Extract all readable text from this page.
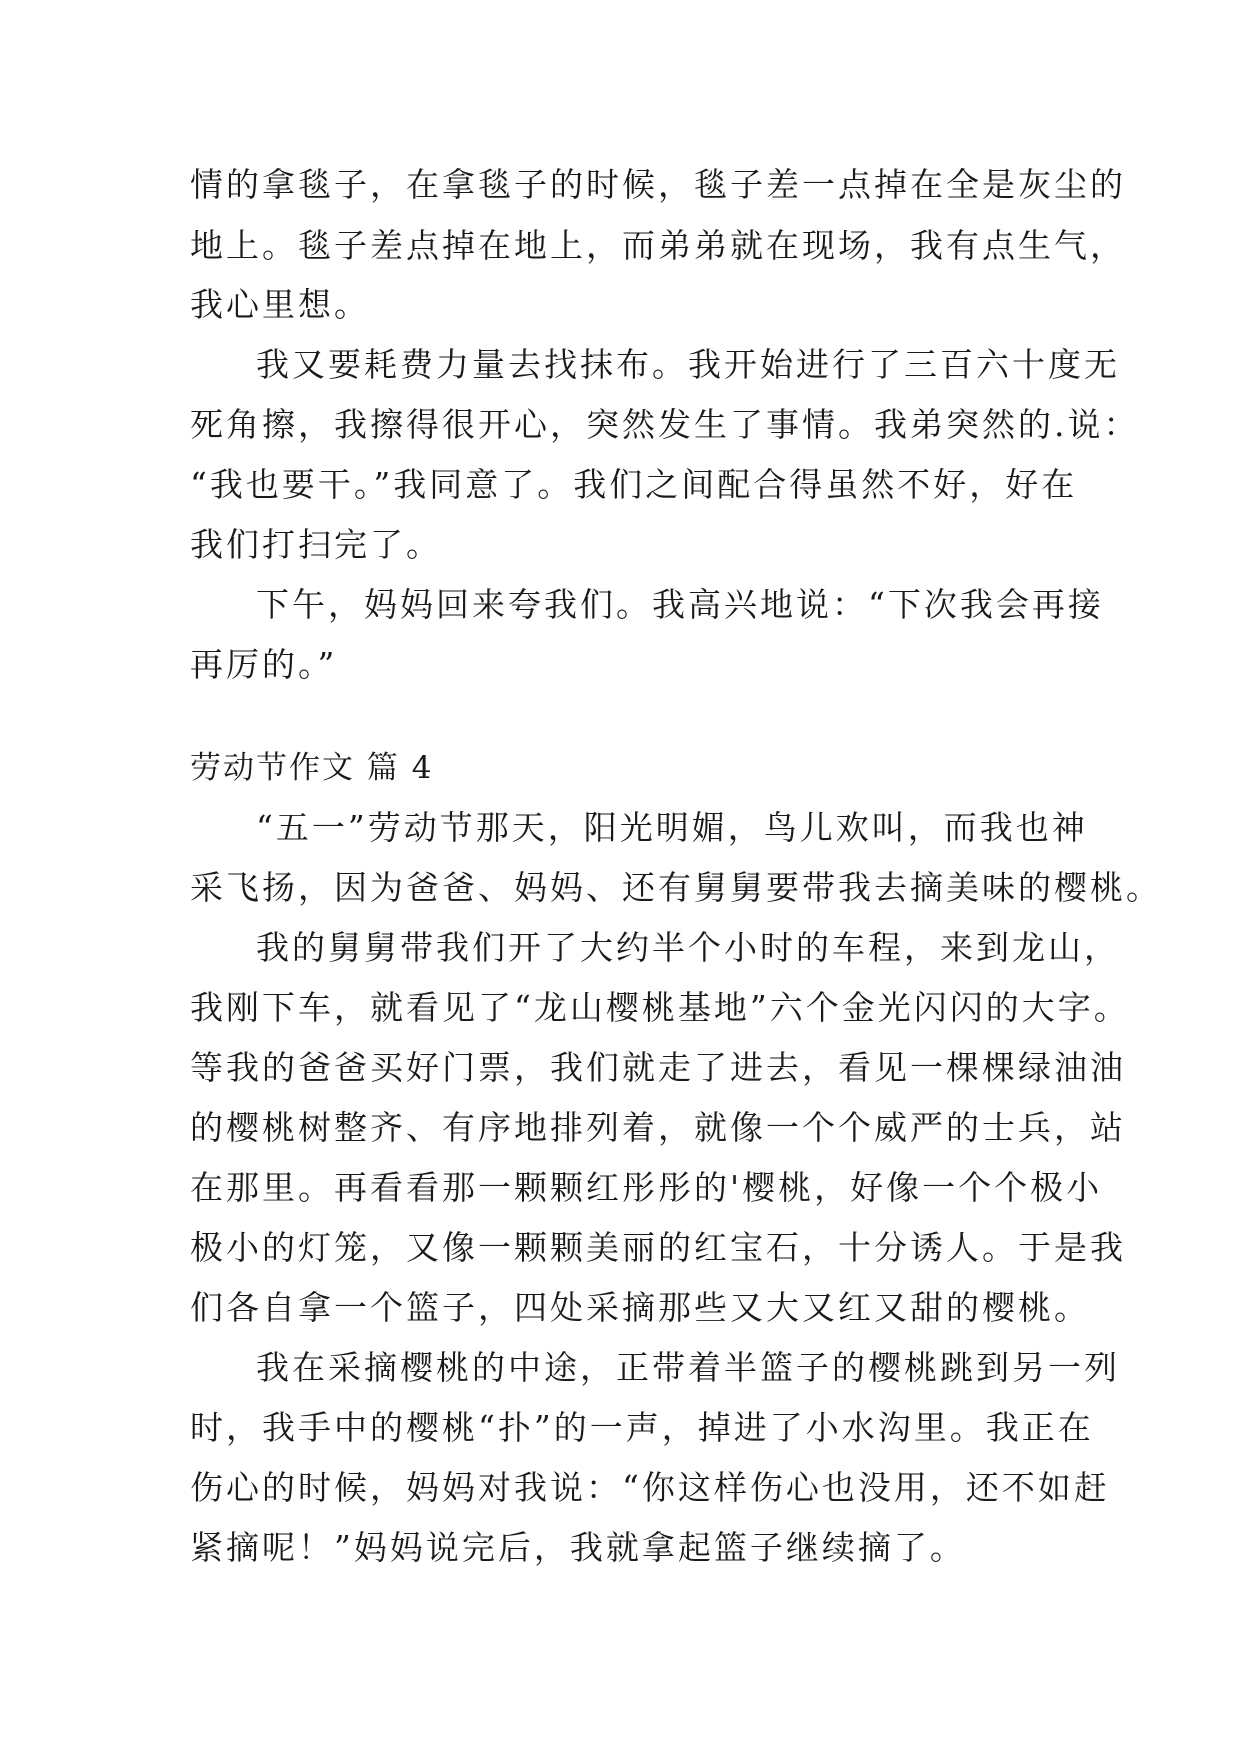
情的拿毯子，在拿毯子的时候，毯子差一点掉在全是灰尘的
地上。毯子差点掉在地上，而弟弟就在现场，我有点生气，
我心里想。
我又要耗费力量去找抹布。我开始进行了三百六十度无
死角擦，我擦得很开心，突然发生了事情。我弟突然的.说：
“我也要干。”我同意了。我们之间配合得虽然不好，好在
我们打扫完了。
下午，妈妈回来夸我们。我高兴地说：“下次我会再接
再厉的。”
劳动节作文 篇 4
“五一”劳动节那天，阳光明媚，鸟儿欢叫，而我也神
采飞扬，因为爸爸、妈妈、还有舅舅要带我去摘美味的樱桃。
我的舅舅带我们开了大约半个小时的车程，来到龙山，
我刚下车，就看见了“龙山樱桃基地”六个金光闪闪的大字。
等我的爸爸买好门票，我们就走了进去，看见一棵棵绿油油
的樱桃树整齐、有序地排列着，就像一个个威严的士兵，站
在那里。再看看那一颗颗红彤彤的'樱桃，好像一个个极小
极小的灯笼，又像一颗颗美丽的红宝石，十分诱人。于是我
们各自拿一个篮子，四处采摘那些又大又红又甜的樱桃。
我在采摘樱桃的中途，正带着半篮子的樱桃跳到另一列
时，我手中的樱桃“扑”的一声，掉进了小水沟里。我正在
伤心的时候，妈妈对我说：“你这样伤心也没用，还不如赶
紧摘呢！”妈妈说完后，我就拿起篮子继续摘了。
